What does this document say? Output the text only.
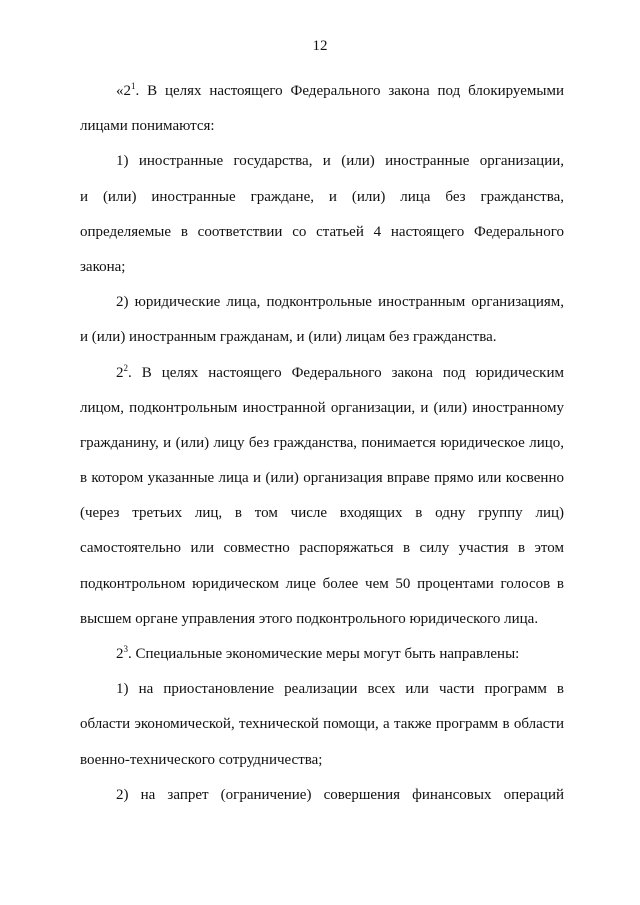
12

«$2^1$. В целях настоящего Федерального закона под блокируемыми
лицами понимаются:

1) иностранные государства, и (или) иностранные организации,
и (или) иностранные граждане, и (или) лица без гражданства,
определяемые в соответствии со статьей 4 настоящего Федерального
закона;

2) юридические лица, подконтрольные иностранным организациям,
и (или) иностранным гражданам, и (или) лицам без гражданства.

$2^2$. В целях настоящего Федерального закона под юридическим
лицом, подконтрольным иностранной организации, и (или) иностранному
гражданину, и (или) лицу без гражданства, понимается юридическое лицо,
в котором указанные лица и (или) организация вправе прямо или косвенно
(через третьих лиц, в том числе входящих в одну группу лиц)
самостоятельно или совместно распоряжаться в силу участия в этом
подконтрольном юридическом лице более чем 50 процентами голосов в
высшем органе управления этого подконтрольного юридического лица.

$2^3$. Специальные экономические меры могут быть направлены:

1) на приостановление реализации всех или части программ в
области экономической, технической помощи, а также программ в области
военно-технического сотрудничества;

2) на запрет (ограничение) совершения финансовых операций
